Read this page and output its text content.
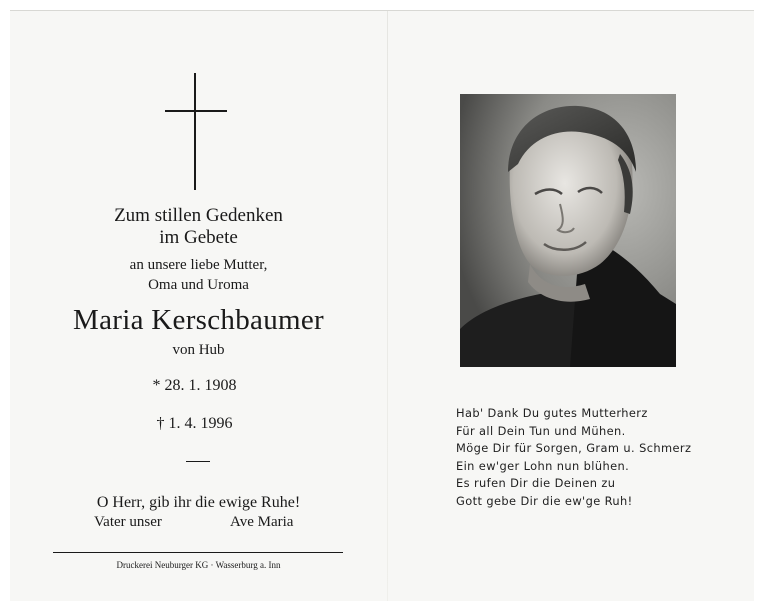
Zum stillen Gedenken
im Gebete
an unsere liebe Mutter,
Oma und Uroma
Maria Kerschbaumer
von Hub
* 28. 1. 1908
† 1. 4. 1996
O Herr, gib ihr die ewige Ruhe!
Vater unser	Ave Maria
Druckerei Neuburger KG · Wasserburg a. Inn
Hab' Dank Du gutes Mutterherz
Für all Dein Tun und Mühen.
Möge Dir für Sorgen, Gram u. Schmerz
Ein ew'ger Lohn nun blühen.
Es rufen Dir die Deinen zu
Gott gebe Dir die ew'ge Ruh!
